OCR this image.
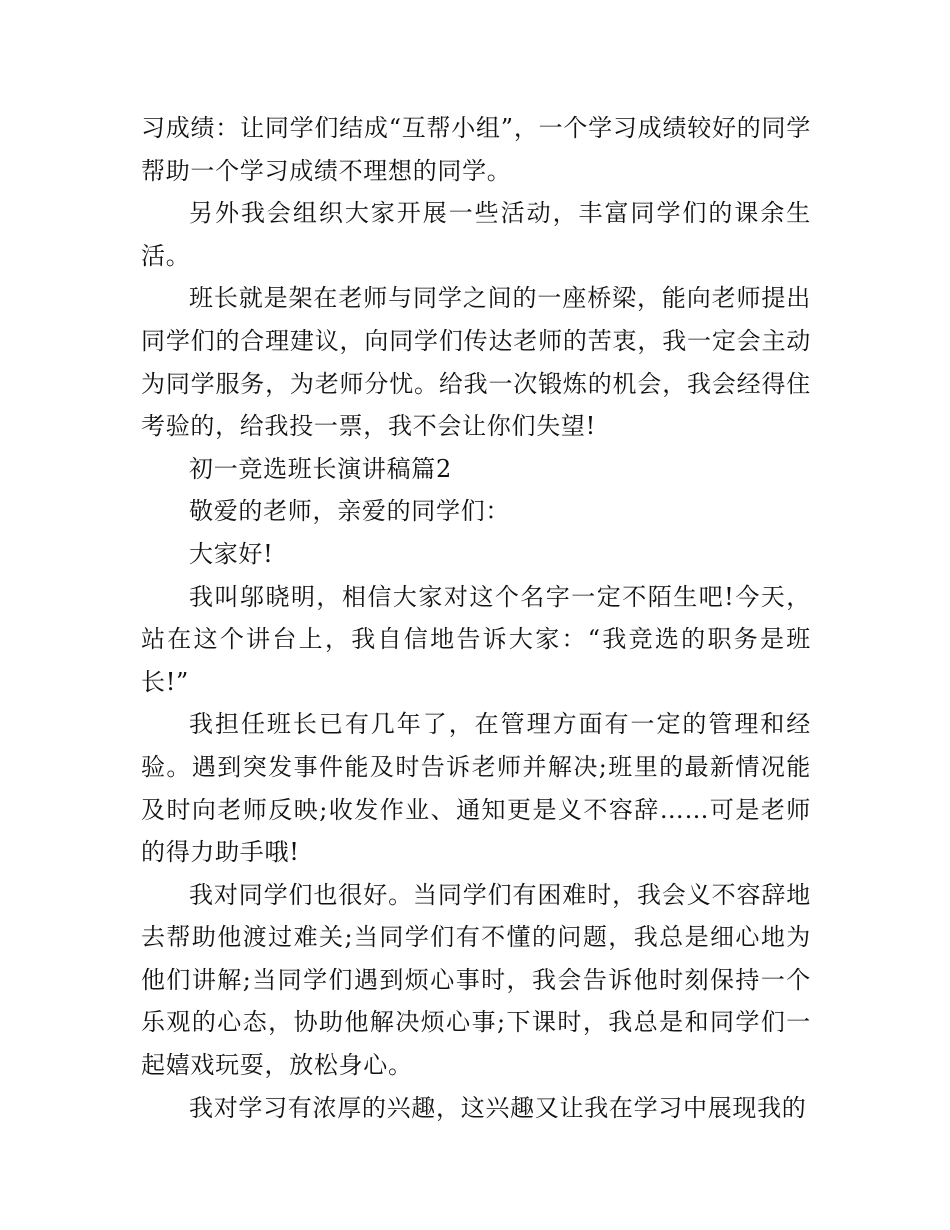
习成绩：让同学们结成“互帮小组”，一个学习成绩较好的同学帮助一个学习成绩不理想的同学。

另外我会组织大家开展一些活动，丰富同学们的课余生活。

班长就是架在老师与同学之间的一座桥梁，能向老师提出同学们的合理建议，向同学们传达老师的苦衷，我一定会主动为同学服务，为老师分忧。给我一次锻炼的机会，我会经得住考验的，给我投一票，我不会让你们失望!

初一竞选班长演讲稿篇2

敬爱的老师，亲爱的同学们：

大家好!

我叫邬晓明，相信大家对这个名字一定不陌生吧!今天，站在这个讲台上，我自信地告诉大家：“我竞选的职务是班长!”

我担任班长已有几年了，在管理方面有一定的管理和经验。遇到突发事件能及时告诉老师并解决;班里的最新情况能及时向老师反映;收发作业、通知更是义不容辞……可是老师的得力助手哦!

我对同学们也很好。当同学们有困难时，我会义不容辞地去帮助他渡过难关;当同学们有不懂的问题，我总是细心地为他们讲解;当同学们遇到烦心事时，我会告诉他时刻保持一个乐观的心态，协助他解决烦心事;下课时，我总是和同学们一起嬉戏玩耍，放松身心。

我对学习有浓厚的兴趣，这兴趣又让我在学习中展现我的
